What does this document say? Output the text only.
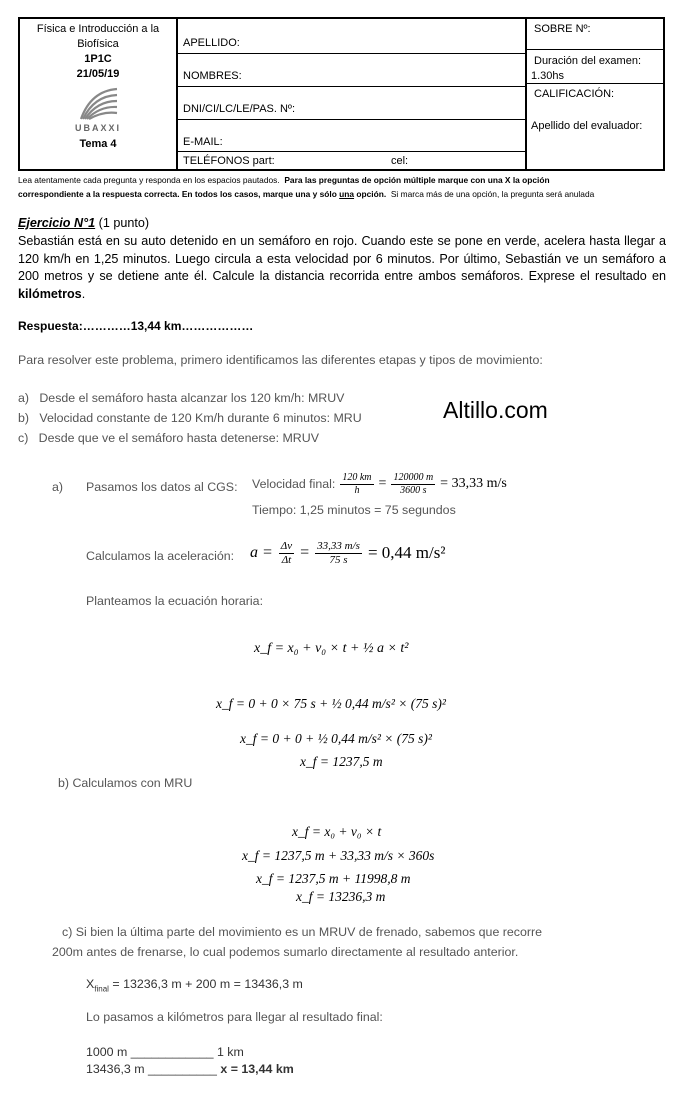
Física e Introducción a la
Biofísica
1P1C
21/05/19
UBAXXI
Tema 4
APELLIDO:
NOMBRES:
DNI/CI/LC/LE/PAS. Nº:
E-MAIL:
TELÉFONOS part:	cel:
SOBRE Nº:
Duración del examen:
1.30hs
CALIFICACIÓN:
Apellido del evaluador:
Lea atentamente cada pregunta y responda en los espacios pautados. Para las preguntas de opción múltiple marque con una X la opción
correspondiente a la respuesta correcta. En todos los casos, marque una y sólo una opción. Si marca más de una opción, la pregunta será anulada
Ejercicio N°1 (1 punto)
Sebastián está en su auto detenido en un semáforo en rojo. Cuando este se pone en verde, acelera hasta llegar a 120 km/h en 1,25 minutos. Luego circula a esta velocidad por 6 minutos. Por último, Sebastián ve un semáforo a 200 metros y se detiene ante él. Calcule la distancia recorrida entre ambos semáforos. Exprese el resultado en kilómetros.
Respuesta:…………13,44 km………………
Para resolver este problema, primero identificamos las diferentes etapas y tipos de movimiento:
a) Desde el semáforo hasta alcanzar los 120 km/h: MRUV
b) Velocidad constante de 120 Km/h durante 6 minutos: MRU
c) Desde que ve el semáforo hasta detenerse: MRUV
Altillo.com
a) Pasamos los datos al CGS: Velocidad final: $\frac{120 km}{h} = \frac{120000 m}{3600 s} = 33,33$ m/s
Tiempo: 1,25 minutos = 75 segundos
Calculamos la aceleración: $a = \frac{\Delta v}{\Delta t} = \frac{33,33 m/s}{75 s} = 0,44$ m/s²
Planteamos la ecuación horaria:
x_f = x₀ + v₀ × t + ½ a × t²
x_f = 0 + 0 × 75 s + ½ 0,44 m/s² × (75 s)²
x_f = 0 + 0 + ½ 0,44 m/s² × (75 s)²
x_f = 1237,5 m
b) Calculamos con MRU
x_f = x₀ + v₀ × t
x_f = 1237,5 m + 33,33 m/s × 360s
x_f = 1237,5 m + 11998,8 m
x_f = 13236,3 m
c) Si bien la última parte del movimiento es un MRUV de frenado, sabemos que recorre
200m antes de frenarse, lo cual podemos sumarlo directamente al resultado anterior.
$X_{final} = 13236,3$ m + 200 m = 13436,3 m
Lo pasamos a kilómetros para llegar al resultado final:
1000 m ____________ 1 km
13436,3 m __________ x = 13,44 km
